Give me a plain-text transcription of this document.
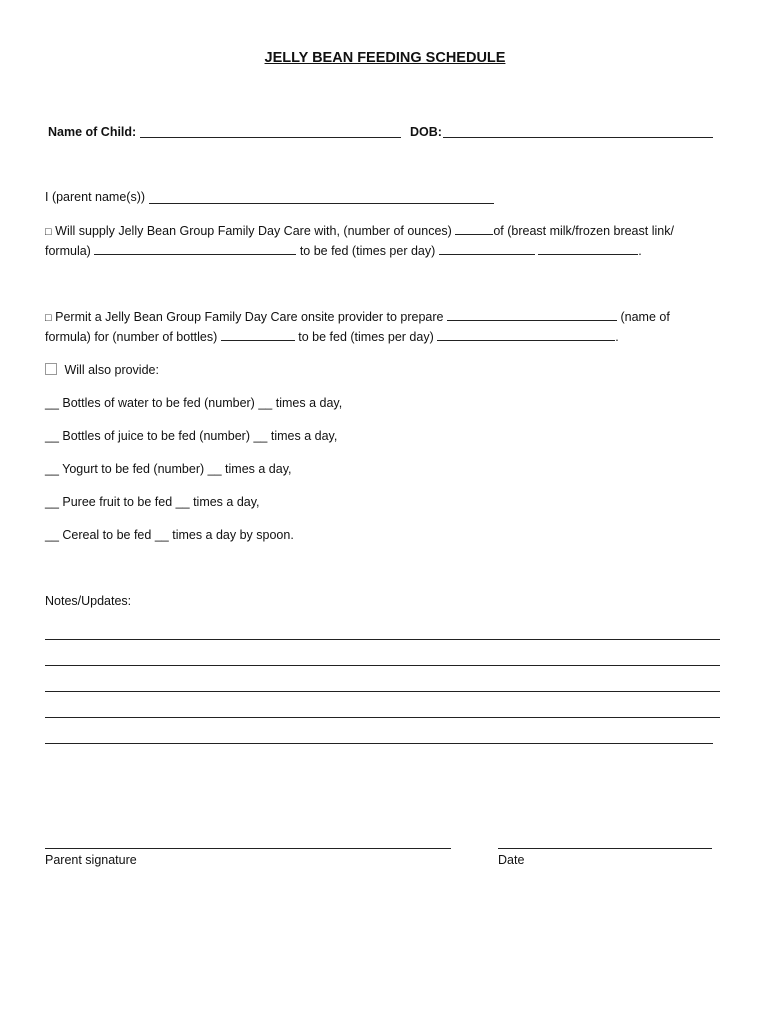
JELLY BEAN FEEDING SCHEDULE
Name of Child:	DOB:
I (parent name(s))
□ Will supply Jelly Bean Group Family Day Care with, (number of ounces)	of (breast milk/frozen breast link/
formula)	to be fed (times per day)	.
□ Permit a Jelly Bean Group Family Day Care onsite provider to prepare	(name of
formula) for (number of bottles)	to be fed (times per day)	.
Will also provide:
__ Bottles of water to be fed (number) __ times a day,
__ Bottles of juice to be fed (number) __ times a day,
__ Yogurt to be fed (number) __ times a day,
__ Puree fruit to be fed __ times a day,
__ Cereal to be fed __ times a day by spoon.
Notes/Updates:
Parent signature	Date
